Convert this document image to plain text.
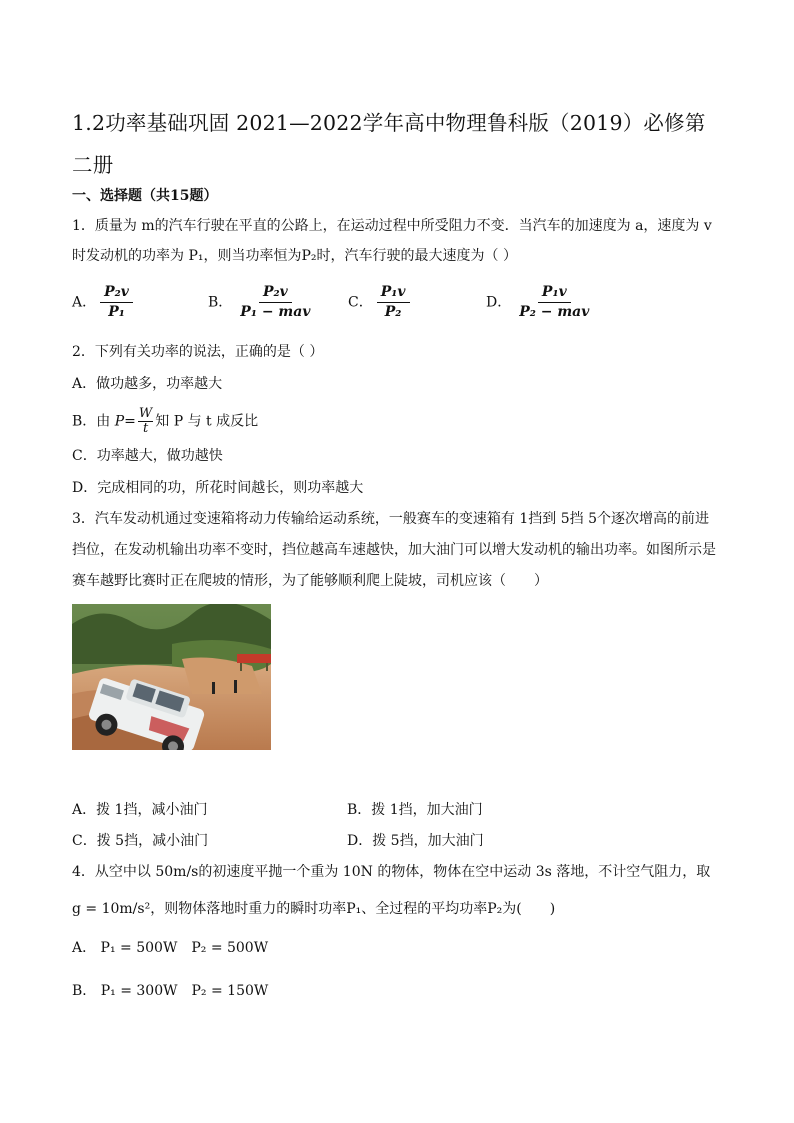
1.2功率基础巩固 2021—2022学年高中物理鲁科版（2019）必修第二册
一、选择题（共15题）
1．质量为 m的汽车行驶在平直的公路上，在运动过程中所受阻力不变．当汽车的加速度为 a，速度为 v
时发动机的功率为 P₁，则当功率恒为P₂时，汽车行驶的最大速度为（ ）
A． $\frac{\text{P₂v}}{\text{P₁}}$	B． $\frac{\text{P₂v}}{\text{P₁ − mav}}$ C． $\frac{\text{P₁v}}{\text{P₂}}$	D． $\frac{\text{P₁v}}{\text{P₂ − mav}}$
2．下列有关功率的说法，正确的是（ ）
A．做功越多，功率越大
B．由 $P= \frac{W}{t}$ 知 P 与 t 成反比
C．功率越大，做功越快
D．完成相同的功，所花时间越长，则功率越大
3．汽车发动机通过变速箱将动力传输给运动系统，一般赛车的变速箱有 1挡到 5挡 5个逐次增高的前进
挡位，在发动机输出功率不变时，挡位越高车速越快，加大油门可以增大发动机的输出功率。如图所示是
赛车越野比赛时正在爬坡的情形，为了能够顺利爬上陡坡，司机应该（　　）
A．拨 1挡，减小油门	B．拨 1挡，加大油门
C．拨 5挡，减小油门	D．拨 5挡，加大油门
4．从空中以 50m/s的初速度平抛一个重为 10N 的物体，物体在空中运动 3s 落地，不计空气阻力，取
g = 10m/s²，则物体落地时重力的瞬时功率P₁、全过程的平均功率P₂为(　　)
A． P₁ = 500W　P₂ = 500W
B． P₁ = 300W　P₂ = 150W
